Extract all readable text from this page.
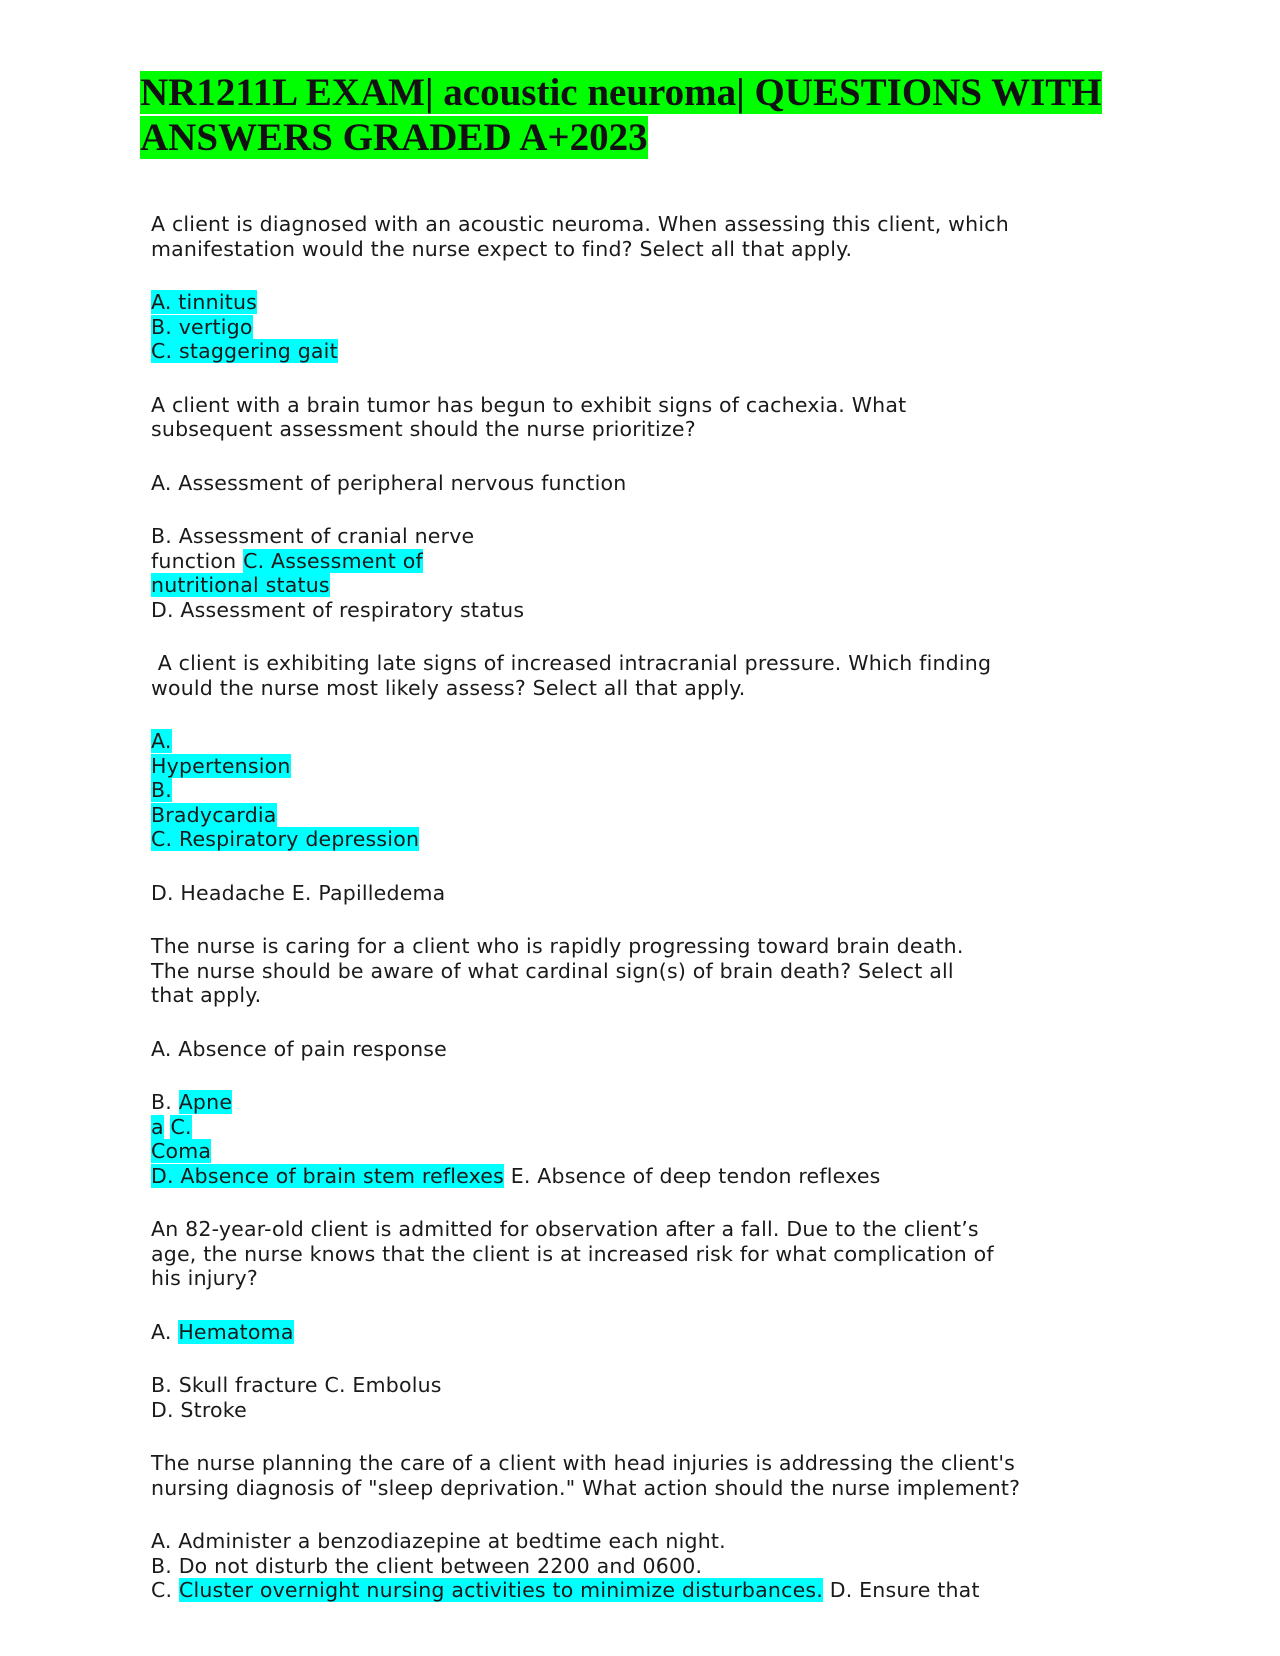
NR1211L EXAM| acoustic neuroma| QUESTIONS WITH
ANSWERS GRADED A+2023
A client is diagnosed with an acoustic neuroma. When assessing this client, which
manifestation would the nurse expect to find? Select all that apply.
A. tinnitus
B. vertigo
C. staggering gait
A client with a brain tumor has begun to exhibit signs of cachexia. What
subsequent assessment should the nurse prioritize?
A. Assessment of peripheral nervous function
B. Assessment of cranial nerve
function C. Assessment of
nutritional status
D. Assessment of respiratory status
A client is exhibiting late signs of increased intracranial pressure. Which finding
would the nurse most likely assess? Select all that apply.
A.
Hypertension
B.
Bradycardia
C. Respiratory depression
D. Headache E. Papilledema
The nurse is caring for a client who is rapidly progressing toward brain death.
The nurse should be aware of what cardinal sign(s) of brain death? Select all
that apply.
A. Absence of pain response
B. Apne
a C.
Coma
D. Absence of brain stem reflexes E. Absence of deep tendon reflexes
An 82-year-old client is admitted for observation after a fall. Due to the client’s
age, the nurse knows that the client is at increased risk for what complication of
his injury?
A. Hematoma
B. Skull fracture C. Embolus
D. Stroke
The nurse planning the care of a client with head injuries is addressing the client's
nursing diagnosis of "sleep deprivation." What action should the nurse implement?
A. Administer a benzodiazepine at bedtime each night.
B. Do not disturb the client between 2200 and 0600.
C. Cluster overnight nursing activities to minimize disturbances. D. Ensure that
